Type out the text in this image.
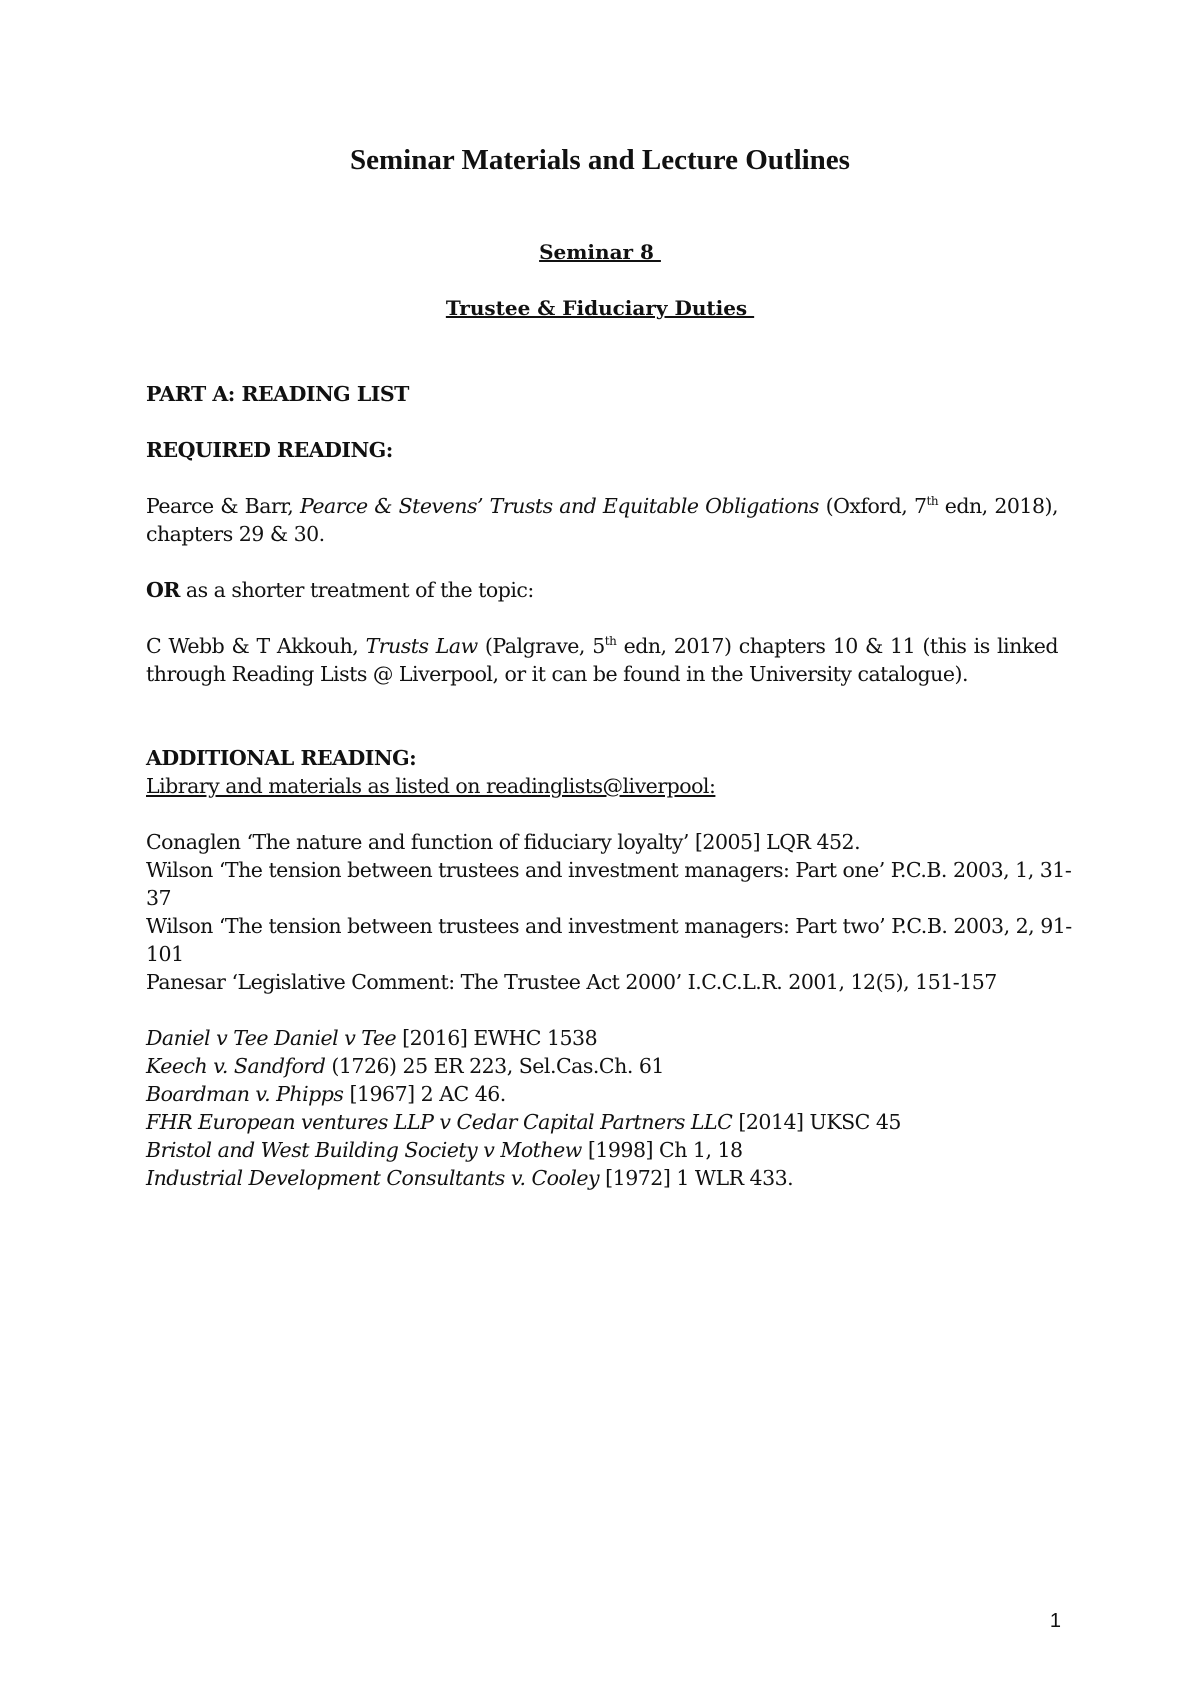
Seminar Materials and Lecture Outlines

Seminar 8

Trustee & Fiduciary Duties

PART A: READING LIST

REQUIRED READING:

Pearce & Barr, Pearce & Stevens’ Trusts and Equitable Obligations (Oxford, 7th edn, 2018),

chapters 29 & 30.

OR as a shorter treatment of the topic:

C Webb & T Akkouh, Trusts Law (Palgrave, 5th edn, 2017) chapters 10 & 11 (this is linked

through Reading Lists @ Liverpool, or it can be found in the University catalogue).

ADDITIONAL READING:

Library and materials as listed on readinglists@liverpool:

Conaglen ‘The nature and function of fiduciary loyalty’ [2005] LQR 452.

Wilson ‘The tension between trustees and investment managers: Part one’ P.C.B. 2003, 1, 31-

37

Wilson ‘The tension between trustees and investment managers: Part two’ P.C.B. 2003, 2, 91-

101

Panesar ‘Legislative Comment: The Trustee Act 2000’ I.C.C.L.R. 2001, 12(5), 151-157

Daniel v Tee Daniel v Tee [2016] EWHC 1538

Keech v. Sandford (1726) 25 ER 223, Sel.Cas.Ch. 61

Boardman v. Phipps [1967] 2 AC 46.

FHR European ventures LLP v Cedar Capital Partners LLC [2014] UKSC 45

Bristol and West Building Society v Mothew [1998] Ch 1, 18

Industrial Development Consultants v. Cooley [1972] 1 WLR 433.

1
